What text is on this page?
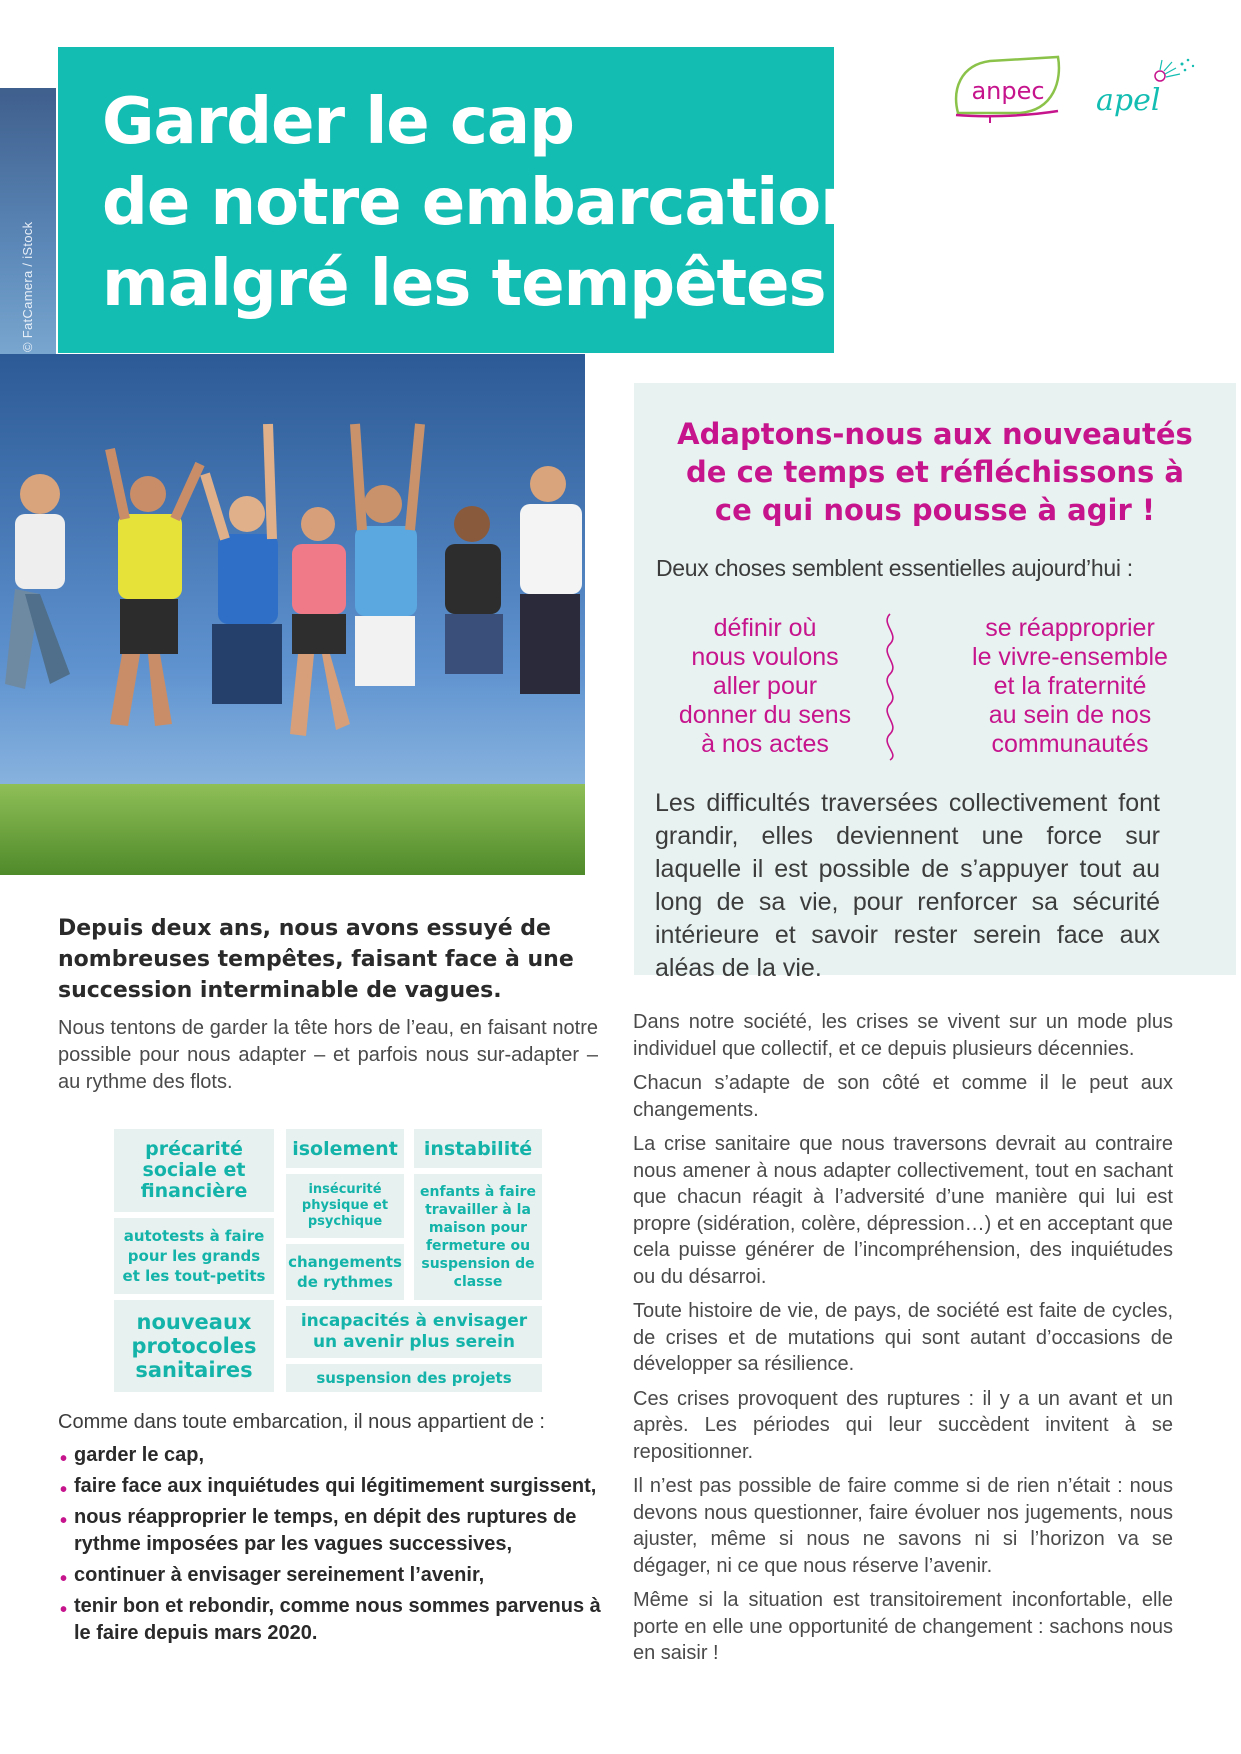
© FatCamera / iStock
Garder le cap
de notre embarcation
malgré les tempêtes
anpec apel
Adaptons-nous aux nouveautés
de ce temps et réfléchissons à
ce qui nous pousse à agir !
Deux choses semblent essentielles aujourd’hui :
définir où
nous voulons
aller pour
donner du sens
à nos actes
se réapproprier
le vivre-ensemble
et la fraternité
au sein de nos
communautés
Les difficultés traversées collectivement font grandir, elles deviennent une force sur laquelle il est possible de s’appuyer tout au long de sa vie, pour renforcer sa sécurité intérieure et savoir rester serein face aux aléas de la vie.
Depuis deux ans, nous avons essuyé de nombreuses tempêtes, faisant face à une succession interminable de vagues.
Nous tentons de garder la tête hors de l’eau, en faisant notre possible pour nous adapter – et parfois nous sur-adapter – au rythme des flots.
précarité sociale et financière
isolement	instabilité
insécurité physique et psychique
enfants à faire travailler à la maison pour fermeture ou suspension de classe
autotests à faire pour les grands et les tout-petits
changements de rythmes
nouveaux protocoles sanitaires
incapacités à envisager un avenir plus serein
suspension des projets
Comme dans toute embarcation, il nous appartient de :
• garder le cap,
• faire face aux inquiétudes qui légitimement surgissent,
• nous réapproprier le temps, en dépit des ruptures de rythme imposées par les vagues successives,
• continuer à envisager sereinement l’avenir,
• tenir bon et rebondir, comme nous sommes parvenus à le faire depuis mars 2020.

Dans notre société, les crises se vivent sur un mode plus individuel que collectif, et ce depuis plusieurs décennies.

Chacun s’adapte de son côté et comme il le peut aux changements.

La crise sanitaire que nous traversons devrait au contraire nous amener à nous adapter collectivement, tout en sachant que chacun réagit à l’adversité d’une manière qui lui est propre (sidération, colère, dépression…) et en acceptant que cela puisse générer de l’incompréhension, des inquiétudes ou du désarroi.

Toute histoire de vie, de pays, de société est faite de cycles, de crises et de mutations qui sont autant d’occasions de développer sa résilience.

Ces crises provoquent des ruptures : il y a un avant et un après. Les périodes qui leur succèdent invitent à se repositionner.

Il n’est pas possible de faire comme si de rien n’était : nous devons nous questionner, faire évoluer nos jugements, nous ajuster, même si nous ne savons ni si l’horizon va se dégager, ni ce que nous réserve l’avenir.

Même si la situation est transitoirement inconfortable, elle porte en elle une opportunité de changement : sachons nous en saisir !
